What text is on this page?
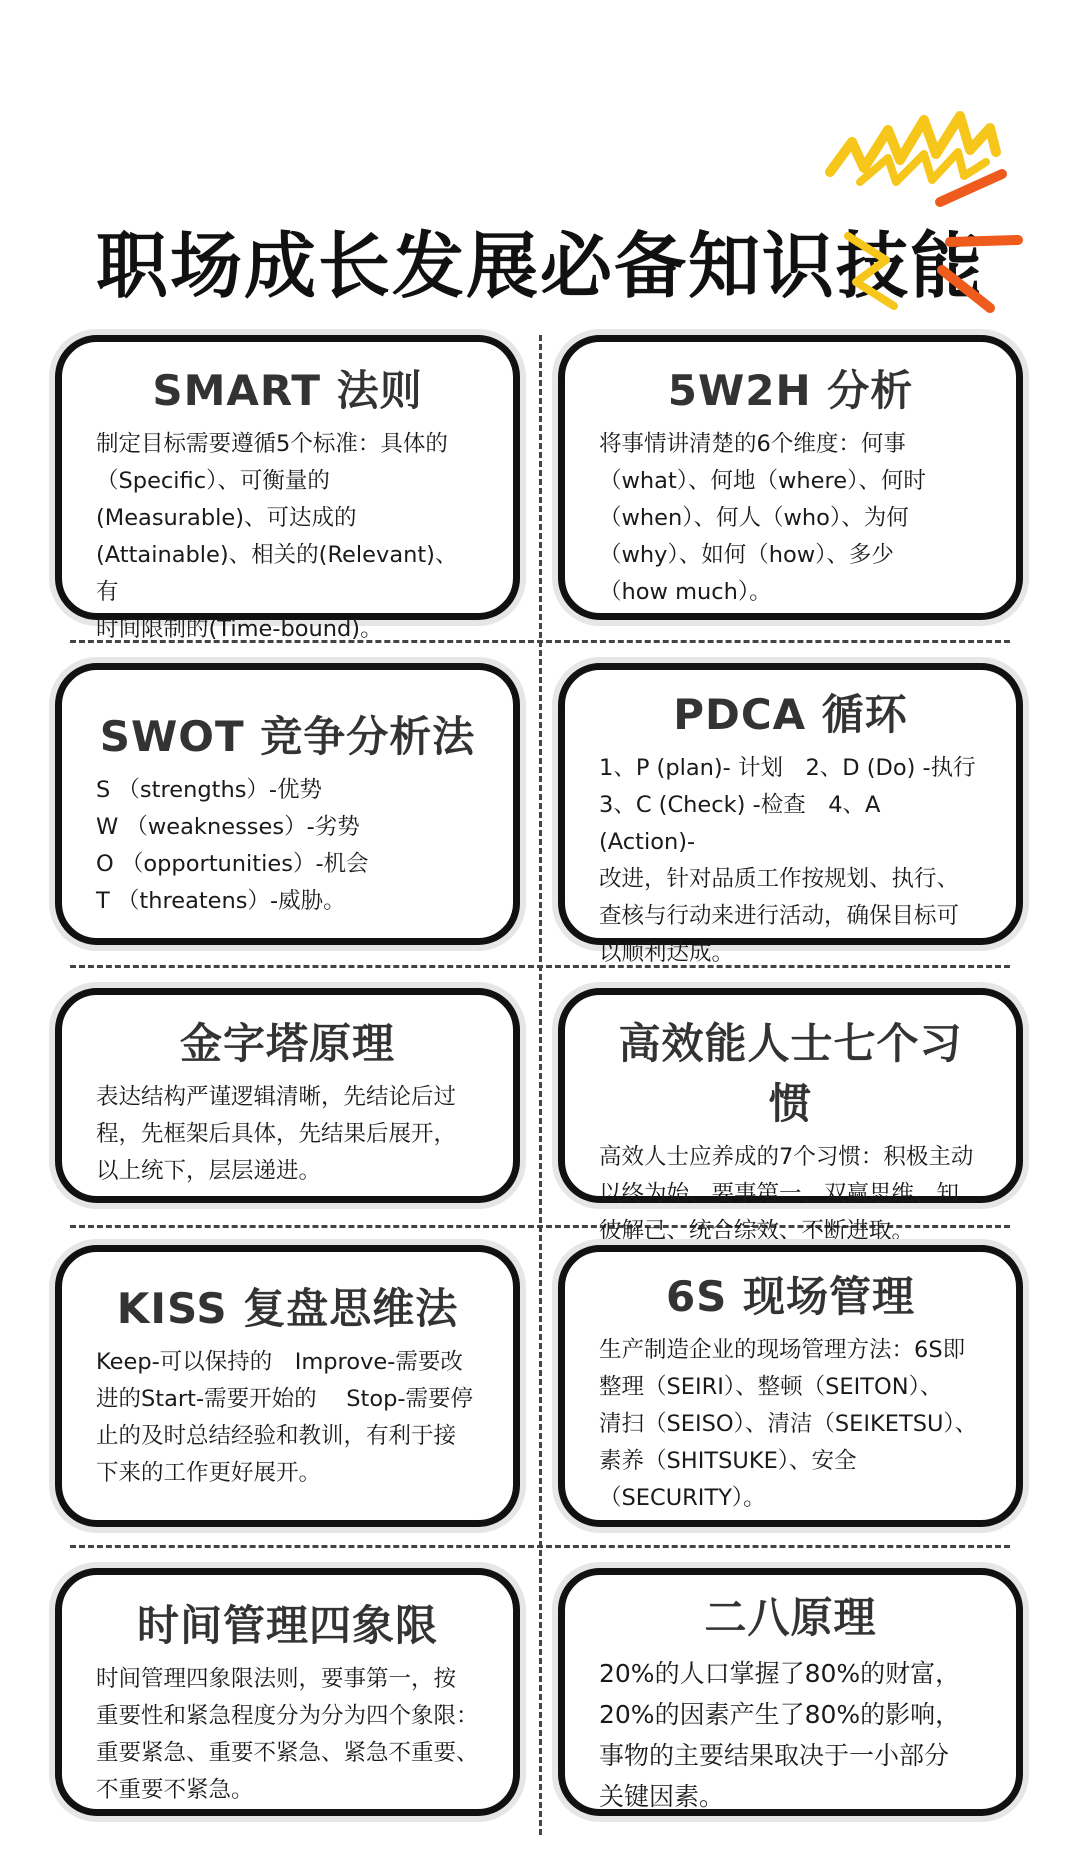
职场成长发展必备知识技能
SMART 法则

制定目标需要遵循5个标准：具体的
（Specific）、可衡量的
(Measurable)、可达成的
(Attainable)、相关的(Relevant)、有
时间限制的(Time-bound)。

5W2H 分析

将事情讲清楚的6个维度：何事
（what）、何地（where）、何时
（when）、何人（who）、为何
（why）、如何（how）、多少
（how much）。

SWOT 竞争分析法

S （strengths）-优势
W （weaknesses）-劣势
O （opportunities）-机会
T （threatens）-威胁。

PDCA 循环

1、P (plan)- 计划　2、D (Do) -执行
3、C (Check) -检查　4、A (Action)-
改进，针对品质工作按规划、执行、
查核与行动来进行活动，确保目标可
以顺利达成。

金字塔原理

表达结构严谨逻辑清晰，先结论后过
程，先框架后具体，先结果后展开，
以上统下，层层递进。

高效能人士七个习惯

高效人士应养成的7个习惯：积极主动
以终为始、要事第一、双赢思维、知
彼解己、统合综效、不断进取。

KISS 复盘思维法

Keep-可以保持的　Improve-需要改
进的Start-需要开始的　 Stop-需要停
止的及时总结经验和教训，有利于接
下来的工作更好展开。

6S 现场管理

生产制造企业的现场管理方法：6S即
整理（SEIRI）、整顿（SEITON）、
清扫（SEISO）、清洁（SEIKETSU）、
素养（SHITSUKE）、安全
（SECURITY）。

时间管理四象限

时间管理四象限法则，要事第一，按
重要性和紧急程度分为分为四个象限：
重要紧急、重要不紧急、紧急不重要、
不重要不紧急。

二八原理

20%的人口掌握了80%的财富，
20%的因素产生了80%的影响，
事物的主要结果取决于一小部分
关键因素。
